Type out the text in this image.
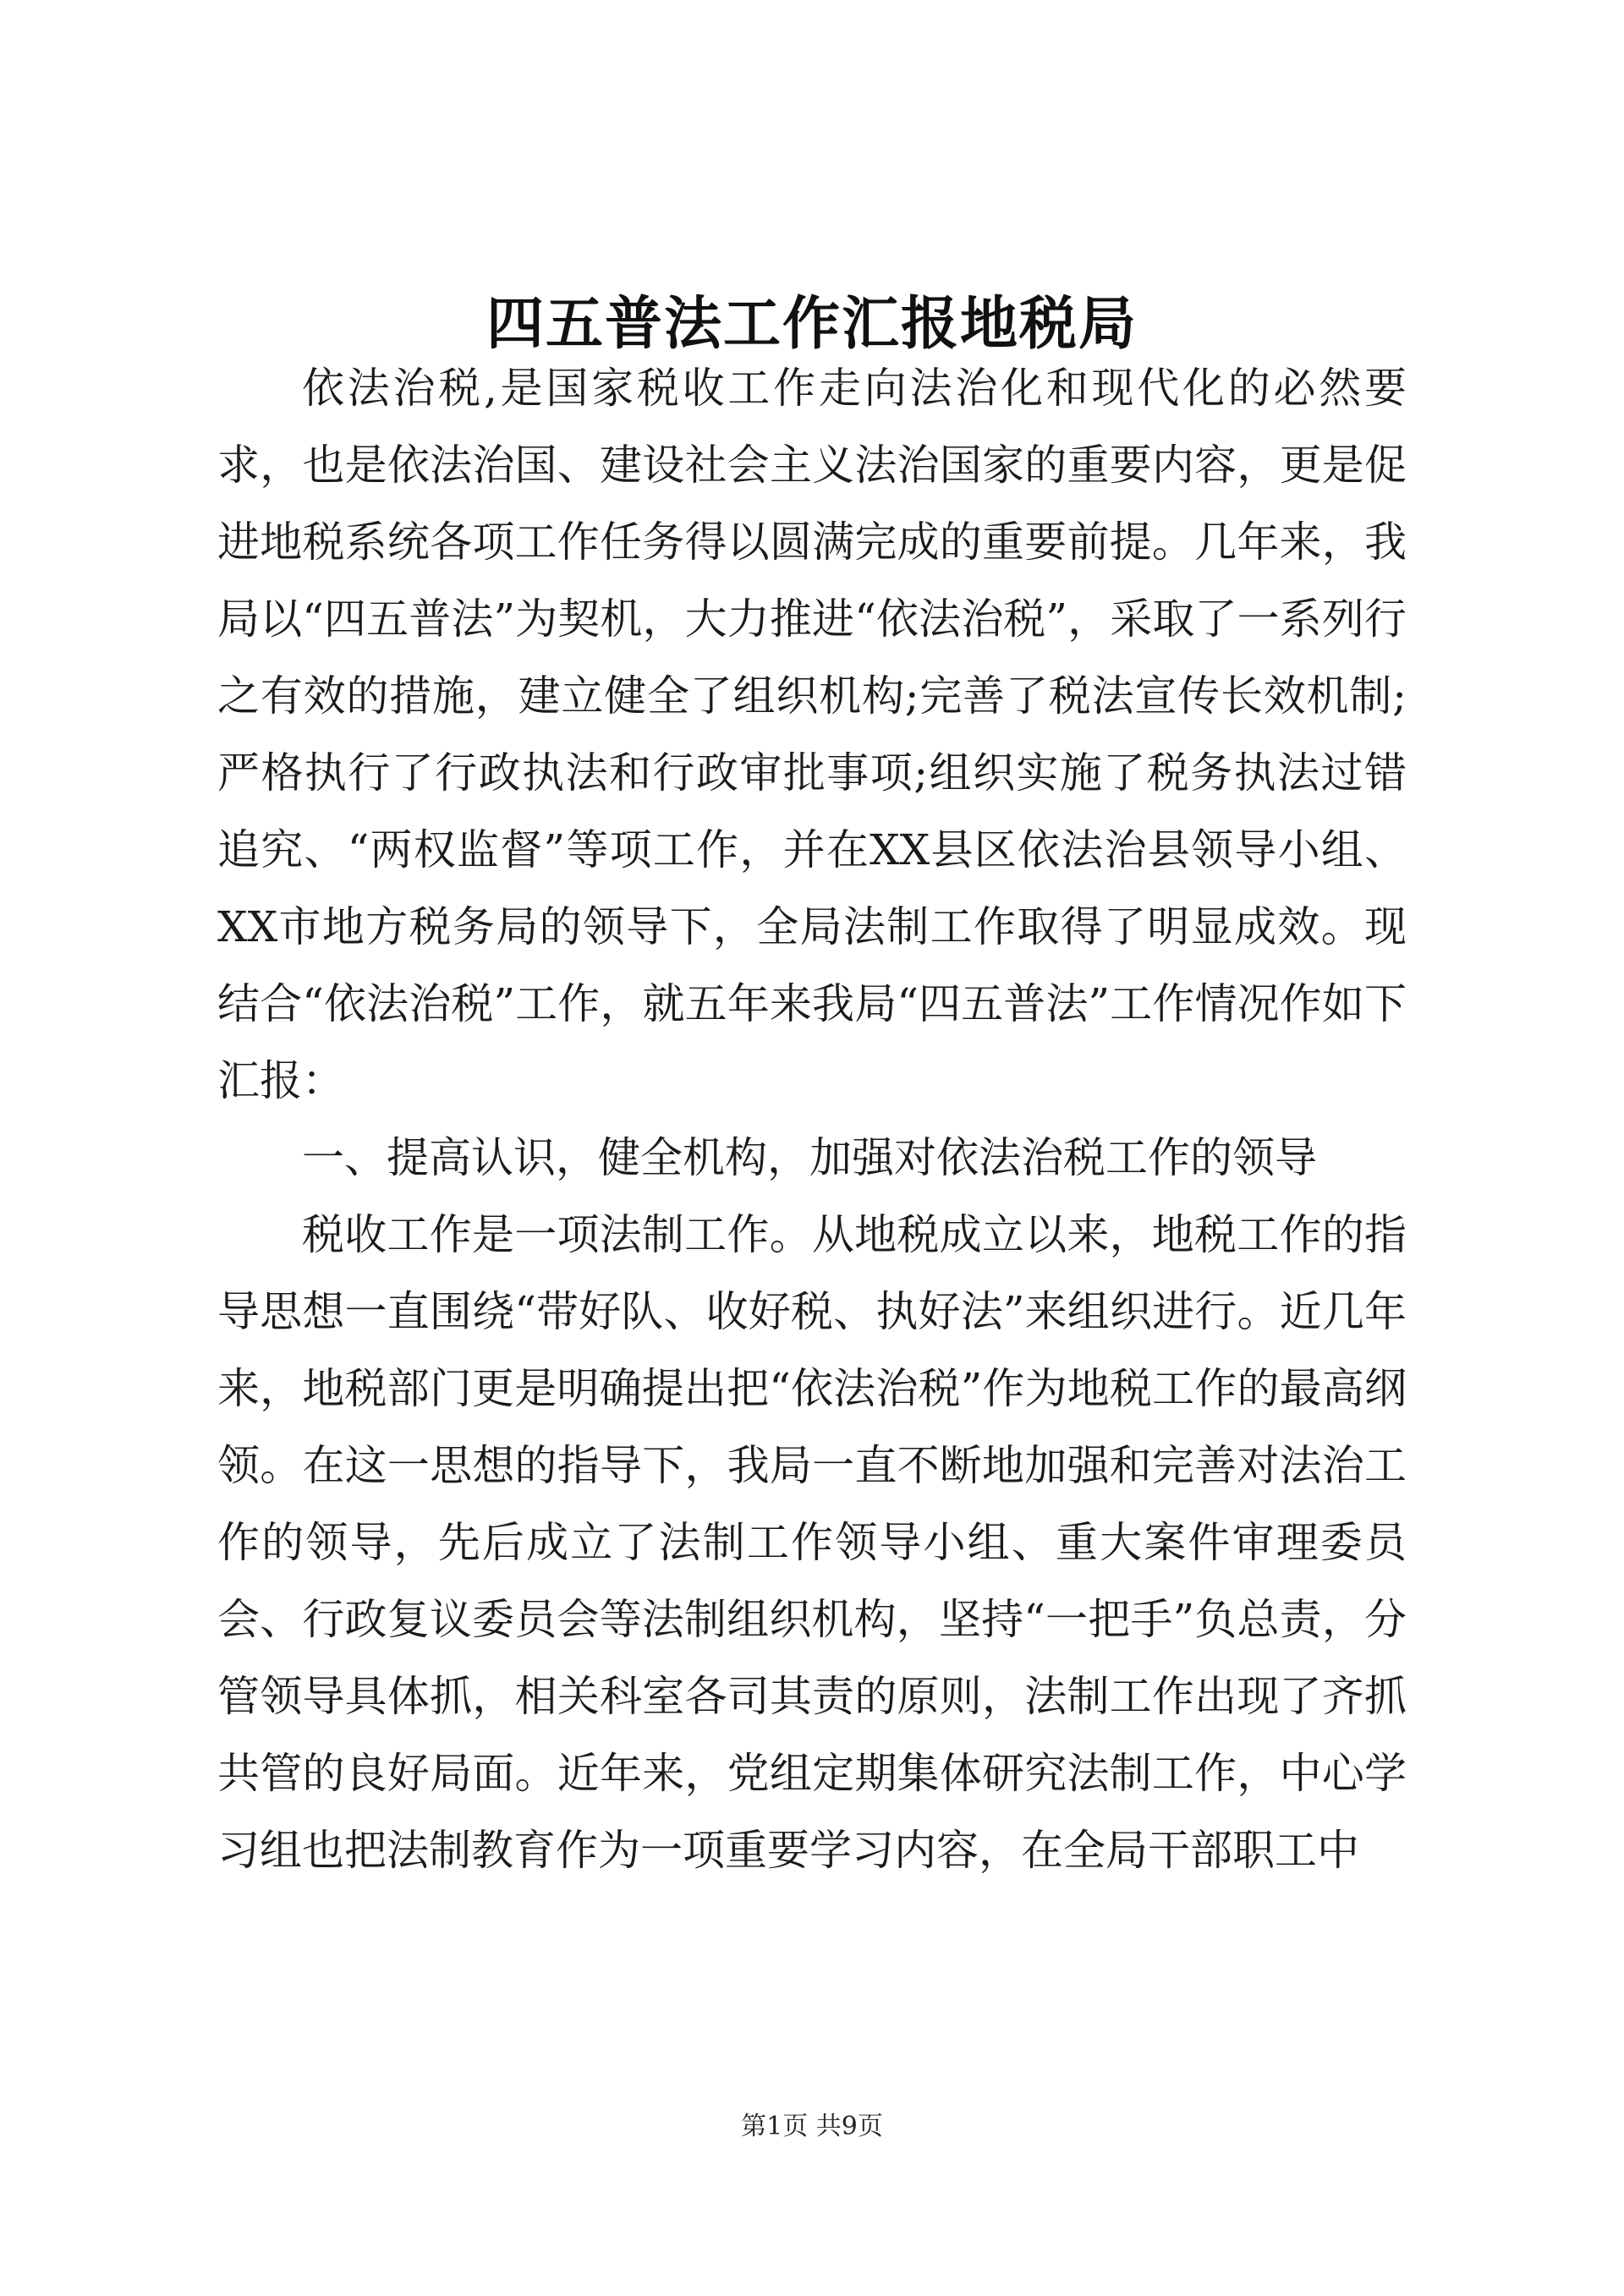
四五普法工作汇报地税局

依法治税,是国家税收工作走向法治化和现代化的必然要求，也是依法治国、建设社会主义法治国家的重要内容，更是促进地税系统各项工作任务得以圆满完成的重要前提。几年来，我局以“四五普法”为契机，大力推进“依法治税”，采取了一系列行之有效的措施，建立健全了组织机构;完善了税法宣传长效机制;严格执行了行政执法和行政审批事项;组织实施了税务执法过错追究、“两权监督”等项工作，并在XX县区依法治县领导小组、XX市地方税务局的领导下，全局法制工作取得了明显成效。现结合“依法治税”工作，就五年来我局“四五普法”工作情况作如下汇报：

一、提高认识，健全机构，加强对依法治税工作的领导

税收工作是一项法制工作。从地税成立以来，地税工作的指导思想一直围绕“带好队、收好税、执好法”来组织进行。近几年来，地税部门更是明确提出把“依法治税”作为地税工作的最高纲领。在这一思想的指导下，我局一直不断地加强和完善对法治工作的领导，先后成立了法制工作领导小组、重大案件审理委员会、行政复议委员会等法制组织机构，坚持“一把手”负总责，分管领导具体抓，相关科室各司其责的原则，法制工作出现了齐抓共管的良好局面。近年来，党组定期集体研究法制工作，中心学习组也把法制教育作为一项重要学习内容，在全局干部职工中

第1页 共9页
